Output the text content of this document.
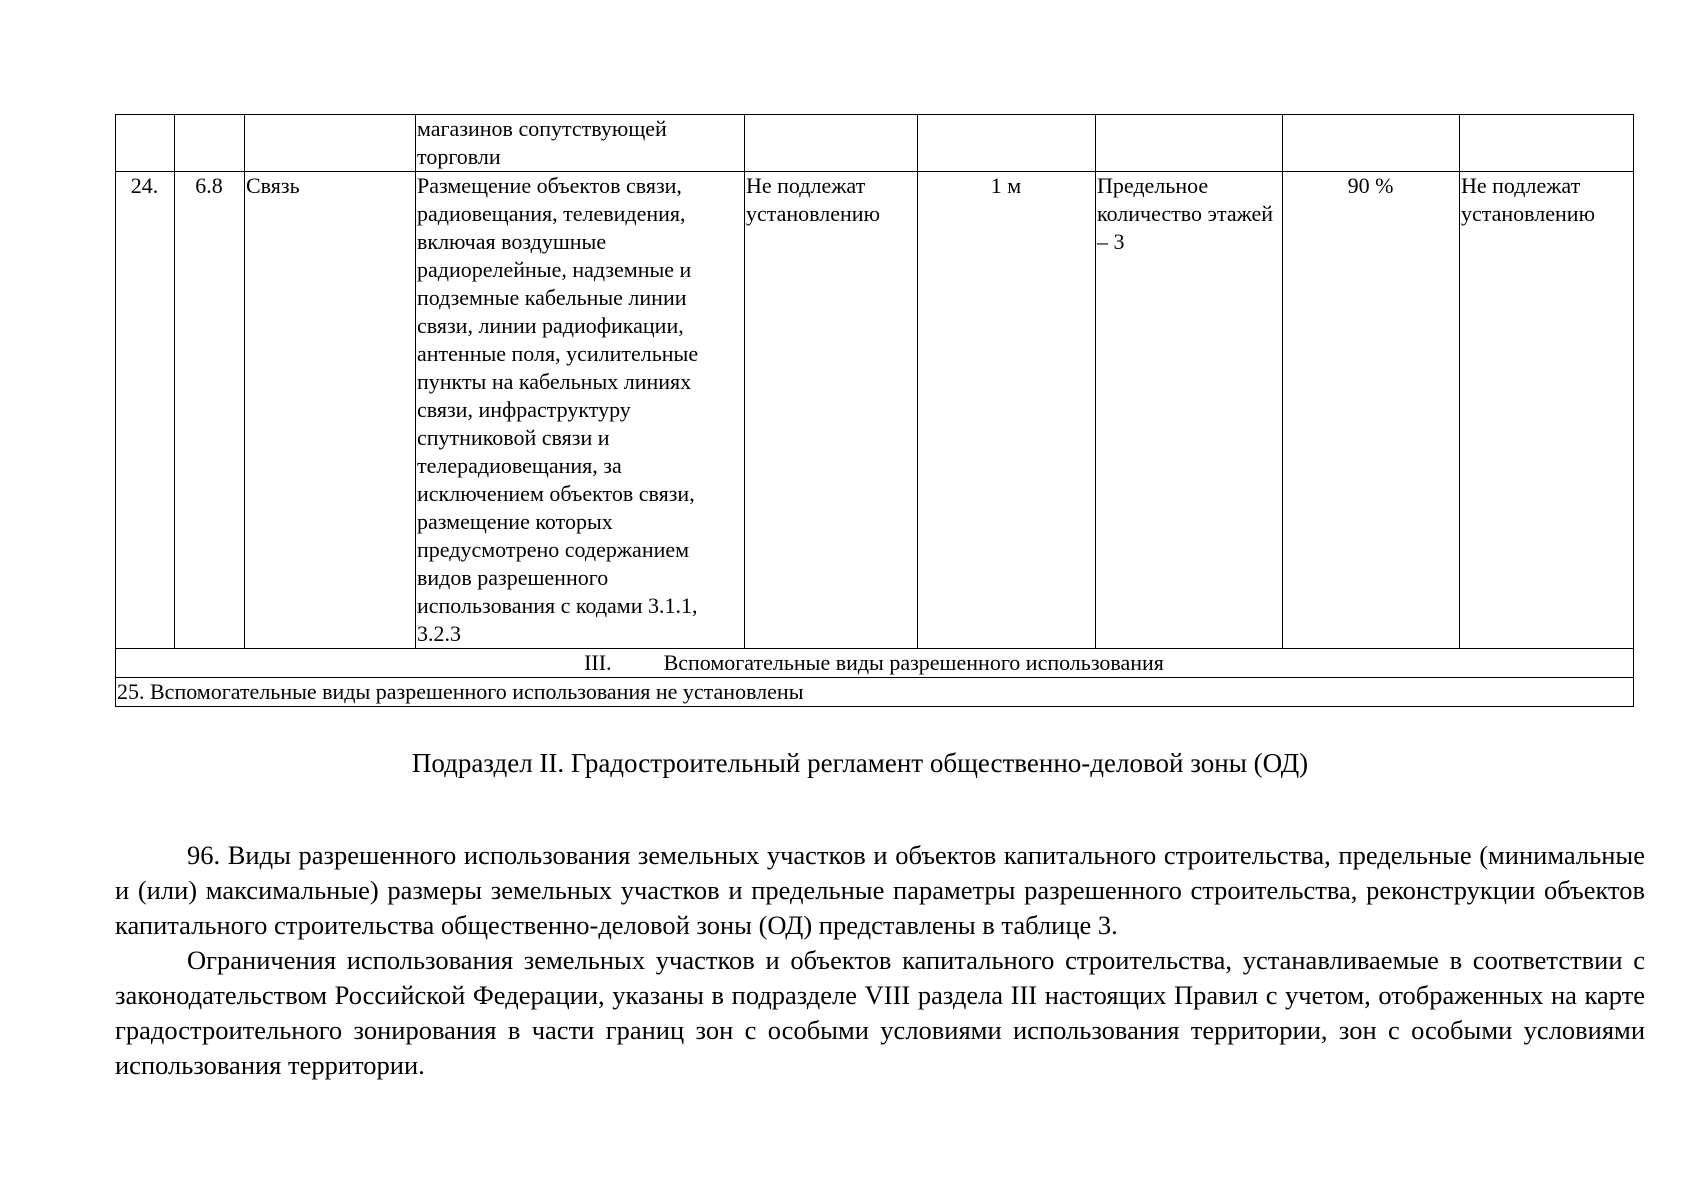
			магазинов сопутствующей торговли					
24.	6.8	Связь	Размещение объектов связи, радиовещания, телевидения, включая воздушные радиорелейные, надземные и подземные кабельные линии связи, линии радиофикации, антенные поля, усилительные пункты на кабельных линиях связи, инфраструктуру спутниковой связи и телерадиовещания, за исключением объектов связи, размещение которых предусмотрено содержанием видов разрешенного использования с кодами 3.1.1, 3.2.3	Не подлежат установлению	1 м	Предельное количество этажей – 3	90 %	Не подлежат установлению
III. Вспомогательные виды разрешенного использования								
25. Вспомогательные виды разрешенного использования не установлены								
Подраздел II. Градостроительный регламент общественно-деловой зоны (ОД)

96. Виды разрешенного использования земельных участков и объектов капитального строительства, предельные (минимальные и (или) максимальные) размеры земельных участков и предельные параметры разрешенного строительства, реконструкции объектов капитального строительства общественно-деловой зоны (ОД) представлены в таблице 3.

Ограничения использования земельных участков и объектов капитального строительства, устанавливаемые в соответствии с законодательством Российской Федерации, указаны в подразделе VIII раздела III настоящих Правил с учетом, отображенных на карте градостроительного зонирования в части границ зон с особыми условиями использования территории, зон с особыми условиями использования территории.
